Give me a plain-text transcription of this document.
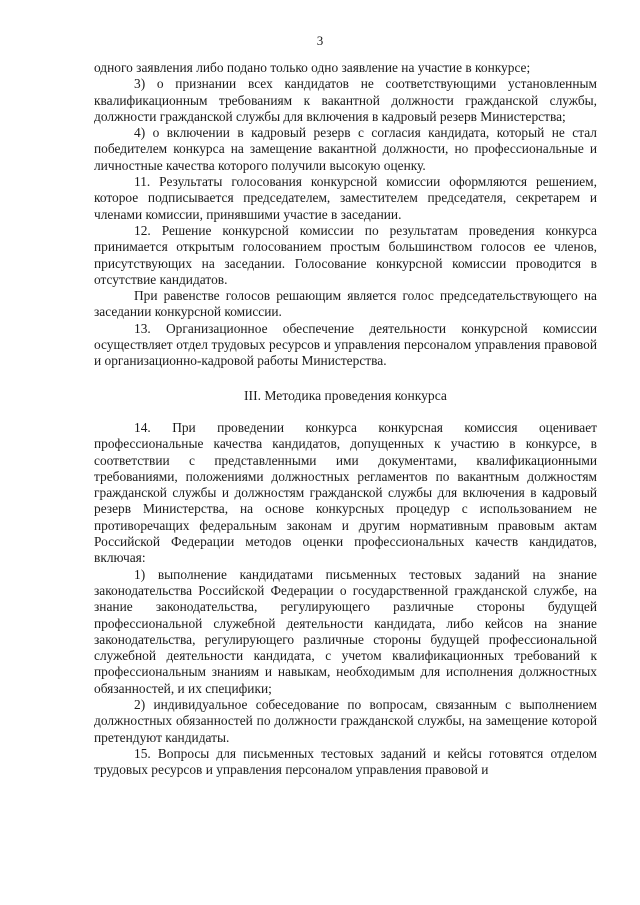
3

одного заявления либо подано только одно заявление на участие в конкурсе;

3) о признании всех кандидатов не соответствующими установленным квалификационным требованиям к вакантной должности гражданской службы, должности гражданской службы для включения в кадровый резерв Министерства;

4) о включении в кадровый резерв с согласия кандидата, который не стал победителем конкурса на замещение вакантной должности, но профессиональные и личностные качества которого получили высокую оценку.

11. Результаты голосования конкурсной комиссии оформляются решением, которое подписывается председателем, заместителем председателя, секретарем и членами комиссии, принявшими участие в заседании.

12. Решение конкурсной комиссии по результатам проведения конкурса принимается открытым голосованием простым большинством голосов ее членов, присутствующих на заседании. Голосование конкурсной комиссии проводится в отсутствие кандидатов.

При равенстве голосов решающим является голос председательствующего на заседании конкурсной комиссии.

13. Организационное обеспечение деятельности конкурсной комиссии осуществляет отдел трудовых ресурсов и управления персоналом управления правовой и организационно-кадровой работы Министерства.

III. Методика проведения конкурса

14. При проведении конкурса конкурсная комиссия оценивает профессиональные качества кандидатов, допущенных к участию в конкурсе, в соответствии с представленными ими документами, квалификационными требованиями, положениями должностных регламентов по вакантным должностям гражданской службы и должностям гражданской службы для включения в кадровый резерв Министерства, на основе конкурсных процедур с использованием не противоречащих федеральным законам и другим нормативным правовым актам Российской Федерации методов оценки профессиональных качеств кандидатов, включая:

1) выполнение кандидатами письменных тестовых заданий на знание законодательства Российской Федерации о государственной гражданской службе, на знание законодательства, регулирующего различные стороны будущей профессиональной служебной деятельности кандидата, либо кейсов на знание законодательства, регулирующего различные стороны будущей профессиональной служебной деятельности кандидата, с учетом квалификационных требований к профессиональным знаниям и навыкам, необходимым для исполнения должностных обязанностей, и их специфики;

2) индивидуальное собеседование по вопросам, связанным с выполнением должностных обязанностей по должности гражданской службы, на замещение которой претендуют кандидаты.

15. Вопросы для письменных тестовых заданий и кейсы готовятся отделом трудовых ресурсов и управления персоналом управления правовой и
